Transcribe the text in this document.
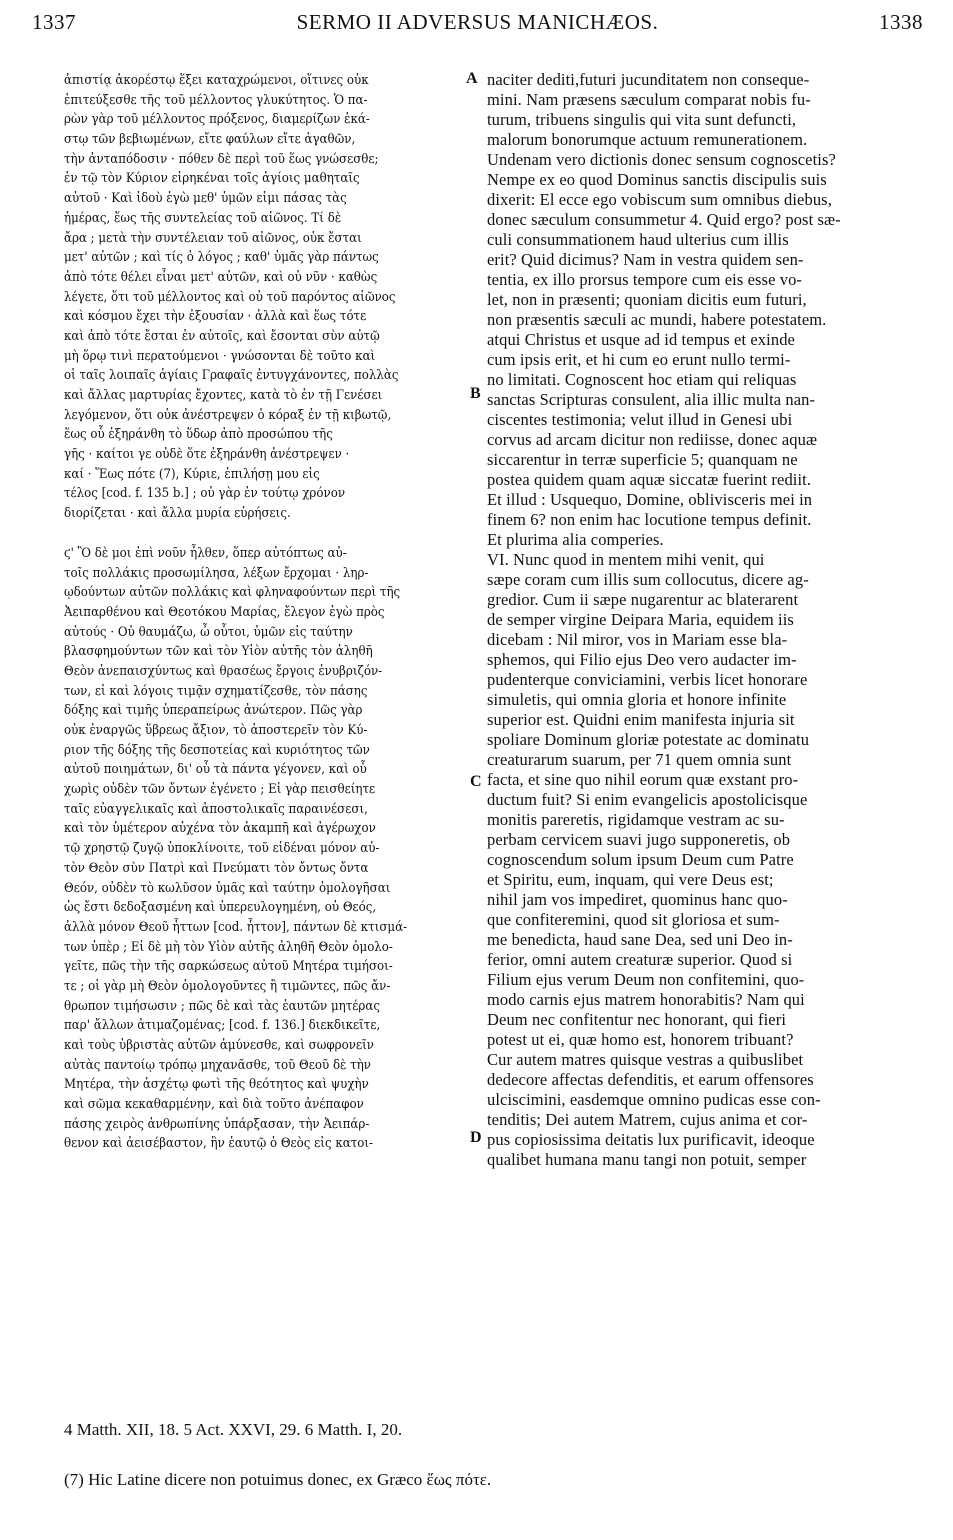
1337	SERMO II ADVERSUS MANICHÆOS.	1338
ἀπιστίᾳ ἀκορέστῳ ἕξει καταχρώμενοι, οἵτινες οὐκ
ἐπιτεύξεσθε τῆς τοῦ μέλλοντος γλυκύτητος. Ὁ πα-
ρὼν γὰρ τοῦ μέλλοντος πρόξενος, διαμερίζων ἑκά-
στῳ τῶν βεβιωμένων, εἴτε φαύλων εἴτε ἀγαθῶν,
τὴν ἀνταπόδοσιν · πόθεν δὲ περὶ τοῦ ἕως γνώσεσθε;
ἐν τῷ τὸν Κύριον εἰρηκέναι τοῖς ἁγίοις μαθηταῖς
αὐτοῦ · Καὶ ἰδοὺ ἐγὼ μεθ' ὑμῶν εἰμι πάσας τὰς
ἡμέρας, ἕως τῆς συντελείας τοῦ αἰῶνος. Τί δὲ
ἄρα ; μετὰ τὴν συντέλειαν τοῦ αἰῶνος, οὐκ ἔσται
μετ' αὐτῶν ; καὶ τίς ὁ λόγος ; καθ' ὑμᾶς γὰρ πάντως
ἀπὸ τότε θέλει εἶναι μετ' αὐτῶν, καὶ οὐ νῦν · καθὼς
λέγετε, ὅτι τοῦ μέλλοντος καὶ οὐ τοῦ παρόντος αἰῶνος
καὶ κόσμου ἔχει τὴν ἐξουσίαν · ἀλλὰ καὶ ἕως τότε
καὶ ἀπὸ τότε ἔσται ἐν αὐτοῖς, καὶ ἔσονται σὺν αὐτῷ
μὴ ὅρῳ τινὶ περατούμενοι · γνώσονται δὲ τοῦτο καὶ
οἱ ταῖς λοιπαῖς ἁγίαις Γραφαῖς ἐντυγχάνοντες, πολλὰς
καὶ ἄλλας μαρτυρίας ἔχοντες, κατὰ τὸ ἐν τῇ Γενέσει
λεγόμενον, ὅτι οὐκ ἀνέστρεψεν ὁ κόραξ ἐν τῇ κιβωτῷ,
ἕως οὗ ἐξηράνθη τὸ ὕδωρ ἀπὸ προσώπου τῆς
γῆς · καίτοι γε οὐδὲ ὅτε ἐξηράνθη ἀνέστρεψεν ·
καί · Ἕως πότε (7), Κύριε, ἐπιλήσῃ μου εἰς
τέλος [cod. f. 135 b.] ; οὐ γὰρ ἐν τούτῳ χρόνον
διορίζεται · καὶ ἄλλα μυρία εὑρήσεις.
ϛ' Ὃ δὲ μοι ἐπὶ νοῦν ἦλθεν, ὅπερ αὐτόπτως αὐ-
τοῖς πολλάκις προσωμίλησα, λέξων ἔρχομαι · ληρ-
ῳδούντων αὐτῶν πολλάκις καὶ φληναφούντων περὶ τῆς
Ἀειπαρθένου καὶ Θεοτόκου Μαρίας, ἔλεγον ἐγὼ πρὸς
αὐτούς · Οὐ θαυμάζω, ὦ οὗτοι, ὑμῶν εἰς ταύτην
βλασφημούντων τῶν καὶ τὸν Υἱὸν αὐτῆς τὸν ἀληθῆ
Θεὸν ἀνεπαισχύντως καὶ θρασέως ἔργοις ἐνυβριζόν-
των, εἰ καὶ λόγοις τιμᾷν σχηματίζεσθε, τὸν πάσης
δόξης καὶ τιμῆς ὑπεραπείρως ἀνώτερον. Πῶς γὰρ
οὐκ ἐναργῶς ὕβρεως ἄξιον, τὸ ἀποστερεῖν τὸν Κύ-
ριον τῆς δόξης τῆς δεσποτείας καὶ κυριότητος τῶν
αὐτοῦ ποιημάτων, δι' οὗ τὰ πάντα γέγονεν, καὶ οὗ
χωρὶς οὐδὲν τῶν ὄντων ἐγένετο ; Εἰ γὰρ πεισθείητε
ταῖς εὐαγγελικαῖς καὶ ἀποστολικαῖς παραινέσεσι,
καὶ τὸν ὑμέτερον αὐχένα τὸν ἀκαμπῆ καὶ ἀγέρωχον
τῷ χρηστῷ ζυγῷ ὑποκλίνοιτε, τοῦ εἰδέναι μόνον αὐ-
τὸν Θεὸν σὺν Πατρὶ καὶ Πνεύματι τὸν ὄντως ὄντα
Θεόν, οὐδὲν τὸ κωλῦσον ὑμᾶς καὶ ταύτην ὁμολογῆσαι
ὡς ἔστι δεδοξασμένη καὶ ὑπερευλογημένη, οὐ Θεός,
ἀλλὰ μόνον Θεοῦ ἧττων [cod. ἧττον], πάντων δὲ κτισμά-
των ὑπὲρ ; Εἰ δὲ μὴ τὸν Υἱὸν αὐτῆς ἀληθῆ Θεὸν ὁμολο-
γεῖτε, πῶς τὴν τῆς σαρκώσεως αὐτοῦ Μητέρα τιμήσοι-
τε ; οἱ γὰρ μὴ Θεὸν ὁμολογοῦντες ἢ τιμῶντες, πῶς ἄν-
θρωπον τιμήσωσιν ; πῶς δὲ καὶ τὰς ἑαυτῶν μητέρας
παρ' ἄλλων ἀτιμαζομένας; [cod. f. 136.] διεκδικεῖτε,
καὶ τοὺς ὑβριστὰς αὐτῶν ἀμύνεσθε, καὶ σωφρονεῖν
αὐτὰς παντοίῳ τρόπῳ μηχανᾶσθε, τοῦ Θεοῦ δὲ τὴν
Μητέρα, τὴν ἀσχέτῳ φωτὶ τῆς θεότητος καὶ ψυχὴν
καὶ σῶμα κεκαθαρμένην, καὶ διὰ τοῦτο ἀνέπαφον
πάσης χειρὸς ἀνθρωπίνης ὑπάρξασαν, τὴν Ἀειπάρ-
θενον καὶ ἀεισέβαστον, ἣν ἑαυτῷ ὁ Θεὸς εἰς κατοι-
naciter dediti,futuri jucunditatem non conseque-
mini. Nam præsens sæculum comparat nobis fu-
turum, tribuens singulis qui vita sunt defuncti,
malorum bonorumque actuum remunerationem.
Undenam vero dictionis donec sensum cognoscetis?
Nempe ex eo quod Dominus sanctis discipulis suis
dixerit: El ecce ego vobiscum sum omnibus diebus,
donec sæculum consummetur 4. Quid ergo? post sæ-
culi consummationem haud ulterius cum illis
erit? Quid dicimus? Nam in vestra quidem sen-
tentia, ex illo prorsus tempore cum eis esse vo-
let, non in præsenti; quoniam dicitis eum futuri,
non præsentis sæculi ac mundi, habere potestatem.
atqui Christus et usque ad id tempus et exinde
cum ipsis erit, et hi cum eo erunt nullo termi-
no limitati. Cognoscent hoc etiam qui reliquas
sanctas Scripturas consulent, alia illic multa nan-
ciscentes testimonia; velut illud in Genesi ubi
corvus ad arcam dicitur non rediisse, donec aquæ
siccarentur in terræ superficie 5; quanquam ne
postea quidem quam aquæ siccatæ fuerint rediit.
Et illud : Usquequo, Domine, oblivisceris mei in
finem 6? non enim hac locutione tempus definit.
Et plurima alia comperies.
VI. Nunc quod in mentem mihi venit, qui
sæpe coram cum illis sum collocutus, dicere ag-
gredior. Cum ii sæpe nugarentur ac blaterarent
de semper virgine Deipara Maria, equidem iis
dicebam : Nil miror, vos in Mariam esse bla-
sphemos, qui Filio ejus Deo vero audacter im-
pudenterque conviciamini, verbis licet honorare
simuletis, qui omnia gloria et honore infinite
superior est. Quidni enim manifesta injuria sit
spoliare Dominum gloriæ potestate ac dominatu
creaturarum suarum, per 71 quem omnia sunt
facta, et sine quo nihil eorum quæ exstant pro-
ductum fuit? Si enim evangelicis apostolicisque
monitis pareretis, rigidamque vestram ac su-
perbam cervicem suavi jugo supponeretis, ob
cognoscendum solum ipsum Deum cum Patre
et Spiritu, eum, inquam, qui vere Deus est;
nihil jam vos impediret, quominus hanc quo-
que confiteremini, quod sit gloriosa et sum-
me benedicta, haud sane Dea, sed uni Deo in-
ferior, omni autem creaturæ superior. Quod si
Filium ejus verum Deum non confitemini, quo-
modo carnis ejus matrem honorabitis? Nam qui
Deum nec confitentur nec honorant, qui fieri
potest ut ei, quæ homo est, honorem tribuant?
Cur autem matres quisque vestras a quibuslibet
dedecore affectas defenditis, et earum offensores
ulciscimini, easdemque omnino pudicas esse con-
tenditis; Dei autem Matrem, cujus anima et cor-
pus copiosissima deitatis lux purificavit, ideoque
qualibet humana manu tangi non potuit, semper
A
B
C
D
4 Matth. XII, 18. 5 Act. XXVI, 29. 6 Matth. I, 20.
(7) Hic Latine dicere non potuimus donec, ex Græco ἕως πότε.
